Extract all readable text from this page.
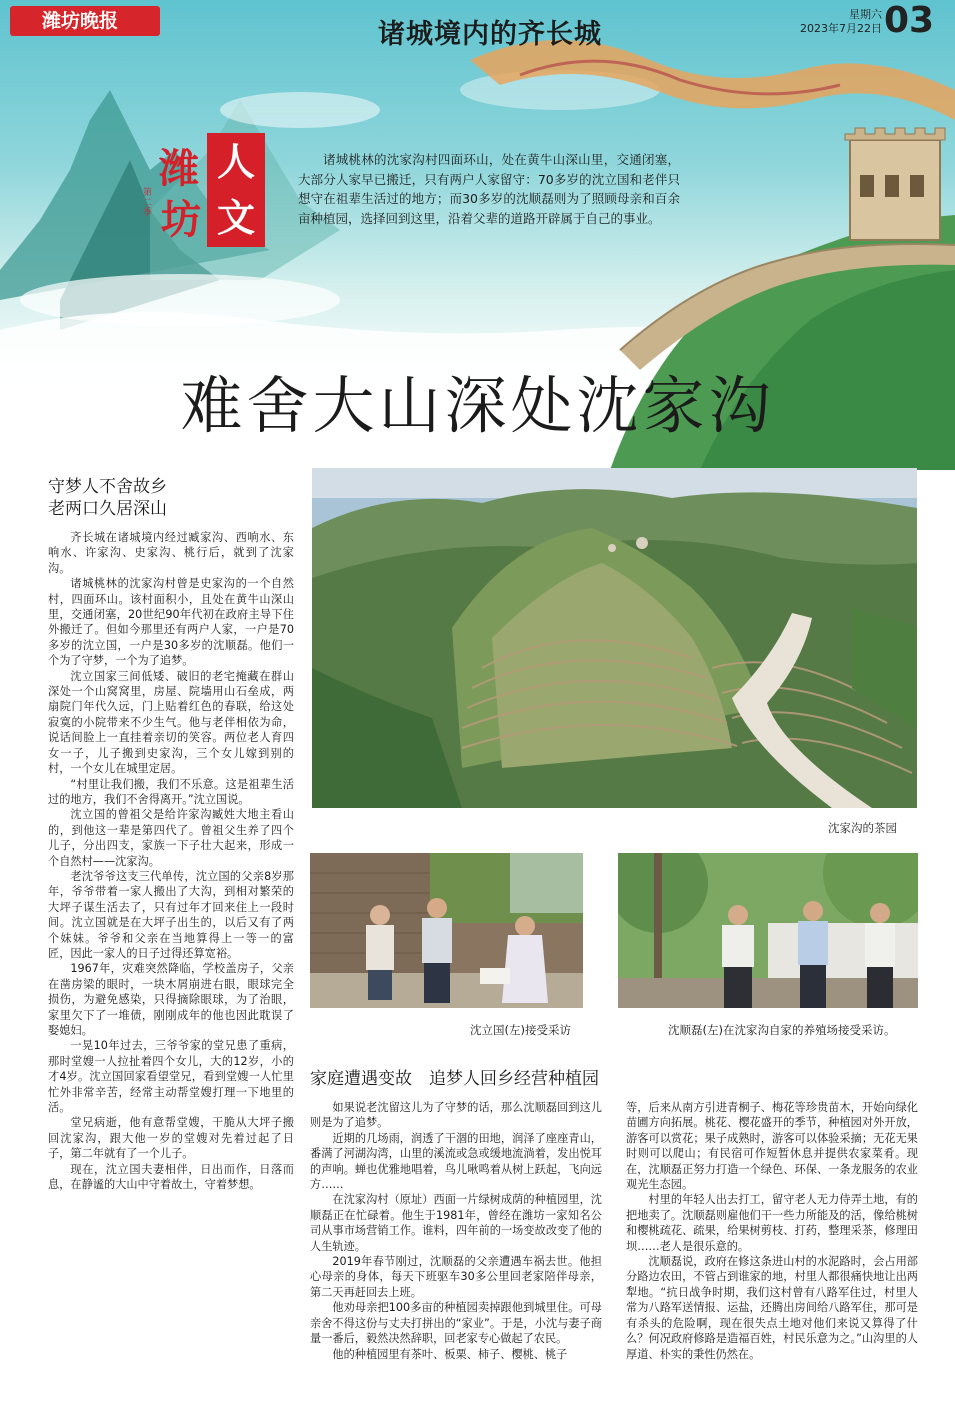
潍坊晚报	诸城境内的齐长城
星期六
2023年7月22日 03
潍 人
坊 文
第二季
诸城桃林的沈家沟村四面环山，处在黄牛山深山里，交通闭塞，大部分人家早已搬迁，只有两户人家留守：70多岁的沈立国和老伴只想守在祖辈生活过的地方；而30多岁的沈顺磊则为了照顾母亲和百余亩种植园，选择回到这里，沿着父辈的道路开辟属于自己的事业。
难舍大山深处沈家沟
守梦人不舍故乡
老两口久居深山

齐长城在诸城境内经过臧家沟、西响水、东响水、许家沟、史家沟、桃行后，就到了沈家沟。

诸城桃林的沈家沟村曾是史家沟的一个自然村，四面环山。该村面积小，且处在黄牛山深山里，交通闭塞，20世纪90年代初在政府主导下住外搬迁了。但如今那里还有两户人家，一户是70多岁的沈立国，一户是30多岁的沈顺磊。他们一个为了守梦，一个为了追梦。

沈立国家三间低矮、破旧的老宅掩藏在群山深处一个山窝窝里，房屋、院墙用山石垒成，两扇院门年代久远，门上贴着红色的春联，给这处寂寞的小院带来不少生气。他与老伴相依为命，说话间脸上一直挂着亲切的笑容。两位老人育四女一子，儿子搬到史家沟，三个女儿嫁到别的村，一个女儿在城里定居。

“村里让我们搬，我们不乐意。这是祖辈生活过的地方，我们不舍得离开。”沈立国说。

沈立国的曾祖父是给许家沟臧姓大地主看山的，到他这一辈是第四代了。曾祖父生养了四个儿子，分出四支，家族一下子壮大起来，形成一个自然村——沈家沟。

老沈爷爷这支三代单传，沈立国的父亲8岁那年，爷爷带着一家人搬出了大沟，到相对繁荣的大坪子谋生活去了，只有过年才回来住上一段时间。沈立国就是在大坪子出生的，以后又有了两个妹妹。爷爷和父亲在当地算得上一等一的富匠，因此一家人的日子过得还算宽裕。

1967年，灾难突然降临，学校盖房子，父亲在凿房梁的眼时，一块木屑崩进右眼，眼球完全损伤，为避免感染，只得摘除眼球，为了治眼，家里欠下了一堆债，刚刚成年的他也因此耽误了娶媳妇。

一晃10年过去，三爷爷家的堂兄患了重病，那时堂嫂一人拉扯着四个女儿，大的12岁，小的才4岁。沈立国回家看望堂兄，看到堂嫂一人忙里忙外非常辛苦，经常主动帮堂嫂打理一下地里的活。

堂兄病逝，他有意帮堂嫂，干脆从大坪子搬回沈家沟，跟大他一岁的堂嫂对先着过起了日子，第二年就有了一个儿子。

现在，沈立国夫妻相伴，日出而作，日落而息，在静谧的大山中守着故土，守着梦想。

沈家沟的茶园
沈立国(左)接受采访	沈顺磊(左)在沈家沟自家的养殖场接受采访。
家庭遭遇变故　追梦人回乡经营种植园

如果说老沈留这儿为了守梦的话，那么沈顺磊回到这儿则是为了追梦。

近期的几场雨，润透了干涸的田地，润泽了座座青山，番满了河湖沟湾，山里的溪流或急或缓地流淌着，发出悦耳的声响。蝉也优雅地唱着，鸟儿啾鸣着从树上跃起，飞向远方……

在沈家沟村（原址）西面一片绿树成荫的种植园里，沈顺磊正在忙碌着。他生于1981年，曾经在潍坊一家知名公司从事市场营销工作。谁料，四年前的一场变故改变了他的人生轨迹。

2019年春节刚过，沈顺磊的父亲遭遇车祸去世。他担心母亲的身体，每天下班驱车30多公里回老家陪伴母亲，第二天再赶回去上班。

他劝母亲把100多亩的种植园卖掉跟他到城里住。可母亲舍不得这份与丈夫打拼出的“家业”。于是，小沈与妻子商量一番后，毅然决然辞职，回老家专心做起了农民。

他的种植园里有茶叶、板栗、柿子、樱桃、桃子

等，后来从南方引进青桐子、梅花等珍贵苗木，开始向绿化苗圃方向拓展。桃花、樱花盛开的季节，种植园对外开放，游客可以赏花；果子成熟时，游客可以体验采摘；无花无果时则可以爬山；有民宿可作短暂休息并提供农家菜肴。现在，沈顺磊正努力打造一个绿色、环保、一条龙服务的农业观光生态园。

村里的年轻人出去打工，留守老人无力侍弄土地，有的把地卖了。沈顺磊则雇他们干一些力所能及的活，像给桃树和樱桃疏花、疏果，给果树剪枝、打药，整理采茶，修理田坝……老人是很乐意的。

沈顺磊说，政府在修这条进山村的水泥路时，会占用部分路边农田，不管占到谁家的地，村里人都很痛快地让出两犁地。“抗日战争时期，我们这村曾有八路军住过，村里人常为八路军送情报、运盐，还腾出房间给八路军住，那可是有杀头的危险啊，现在很失点土地对他们来说又算得了什么？何况政府修路是造福百姓，村民乐意为之。”山沟里的人厚道、朴实的秉性仍然在。
